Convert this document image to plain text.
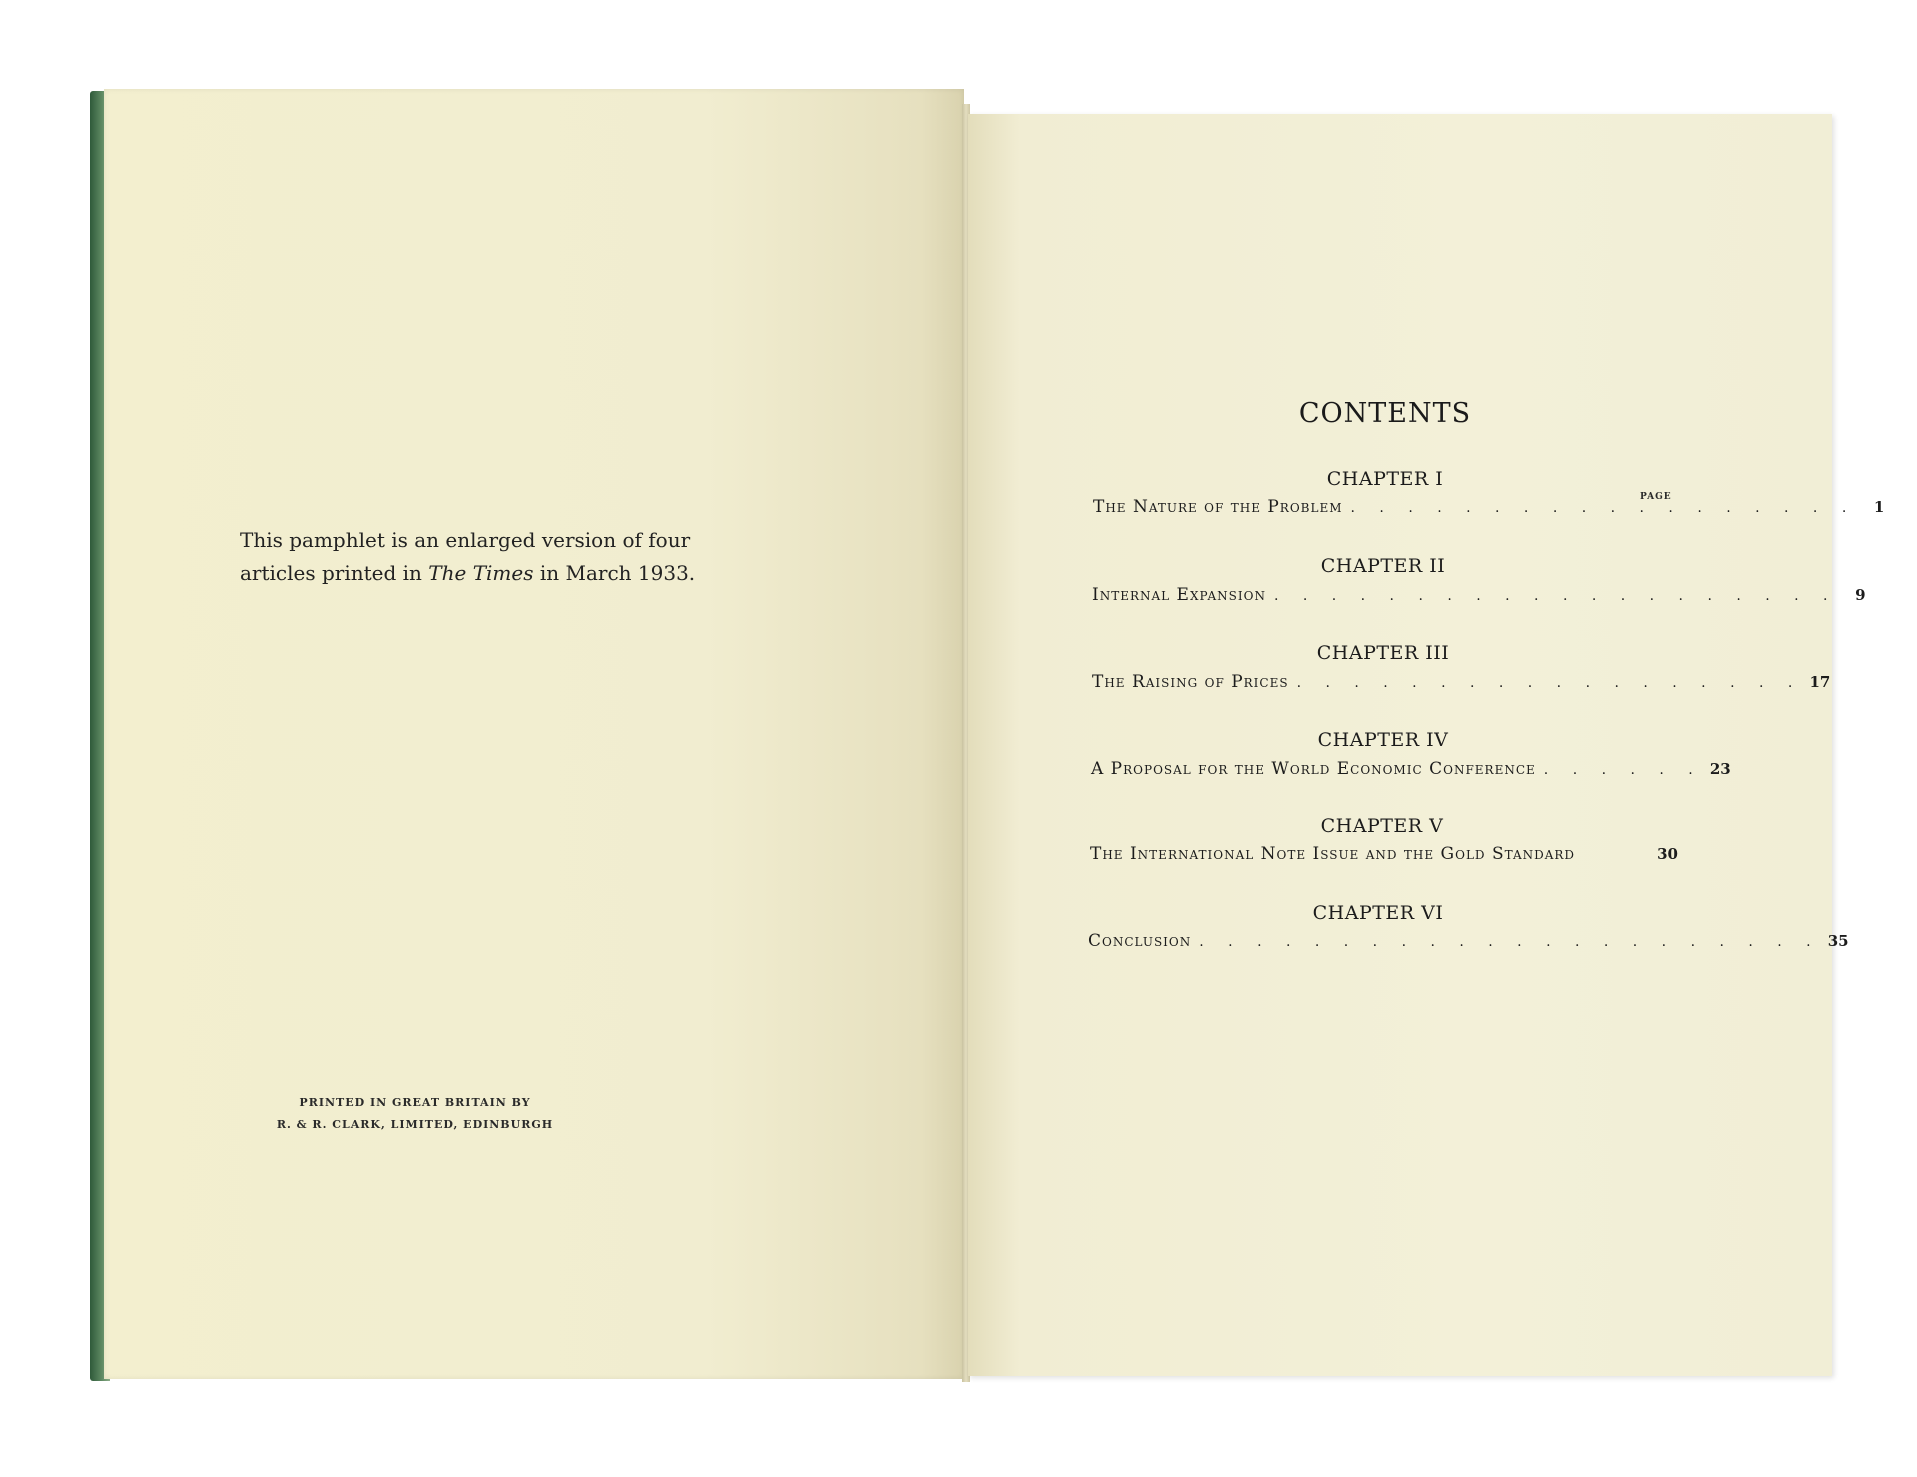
This pamphlet is an enlarged version of four
articles printed in The Times in March 1933.
PRINTED IN GREAT BRITAIN BY
R. & R. CLARK, LIMITED, EDINBURGH
CONTENTS
PAGE
CHAPTER I
The Nature of the Problem . . . . . . . . . . . . . . . . . .	1
CHAPTER II
Internal Expansion . . . . . . . . . . . . . . . . . . . .	9
CHAPTER III
The Raising of Prices . . . . . . . . . . . . . . . . . . 17
CHAPTER IV
A Proposal for the World Economic Conference . . . . . . 23
CHAPTER V
The International Note Issue and the Gold Standard	30
CHAPTER VI
Conclusion . . . . . . . . . . . . . . . . . . . . . . 35
